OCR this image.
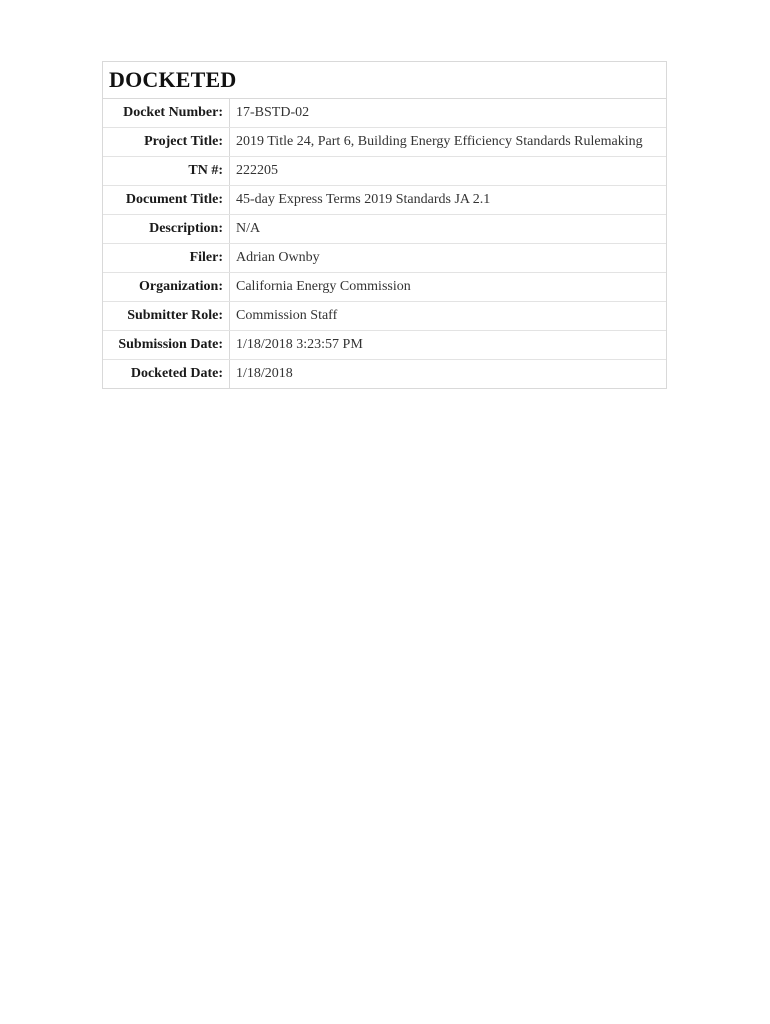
DOCKETED
Docket Number:	17-BSTD-02
Project Title:	2019 Title 24, Part 6, Building Energy Efficiency Standards Rulemaking
TN #:	222205
Document Title:	45-day Express Terms 2019 Standards JA 2.1
Description:	N/A
Filer:	Adrian Ownby
Organization:	California Energy Commission
Submitter Role:	Commission Staff
Submission Date:	1/18/2018 3:23:57 PM
Docketed Date:	1/18/2018
